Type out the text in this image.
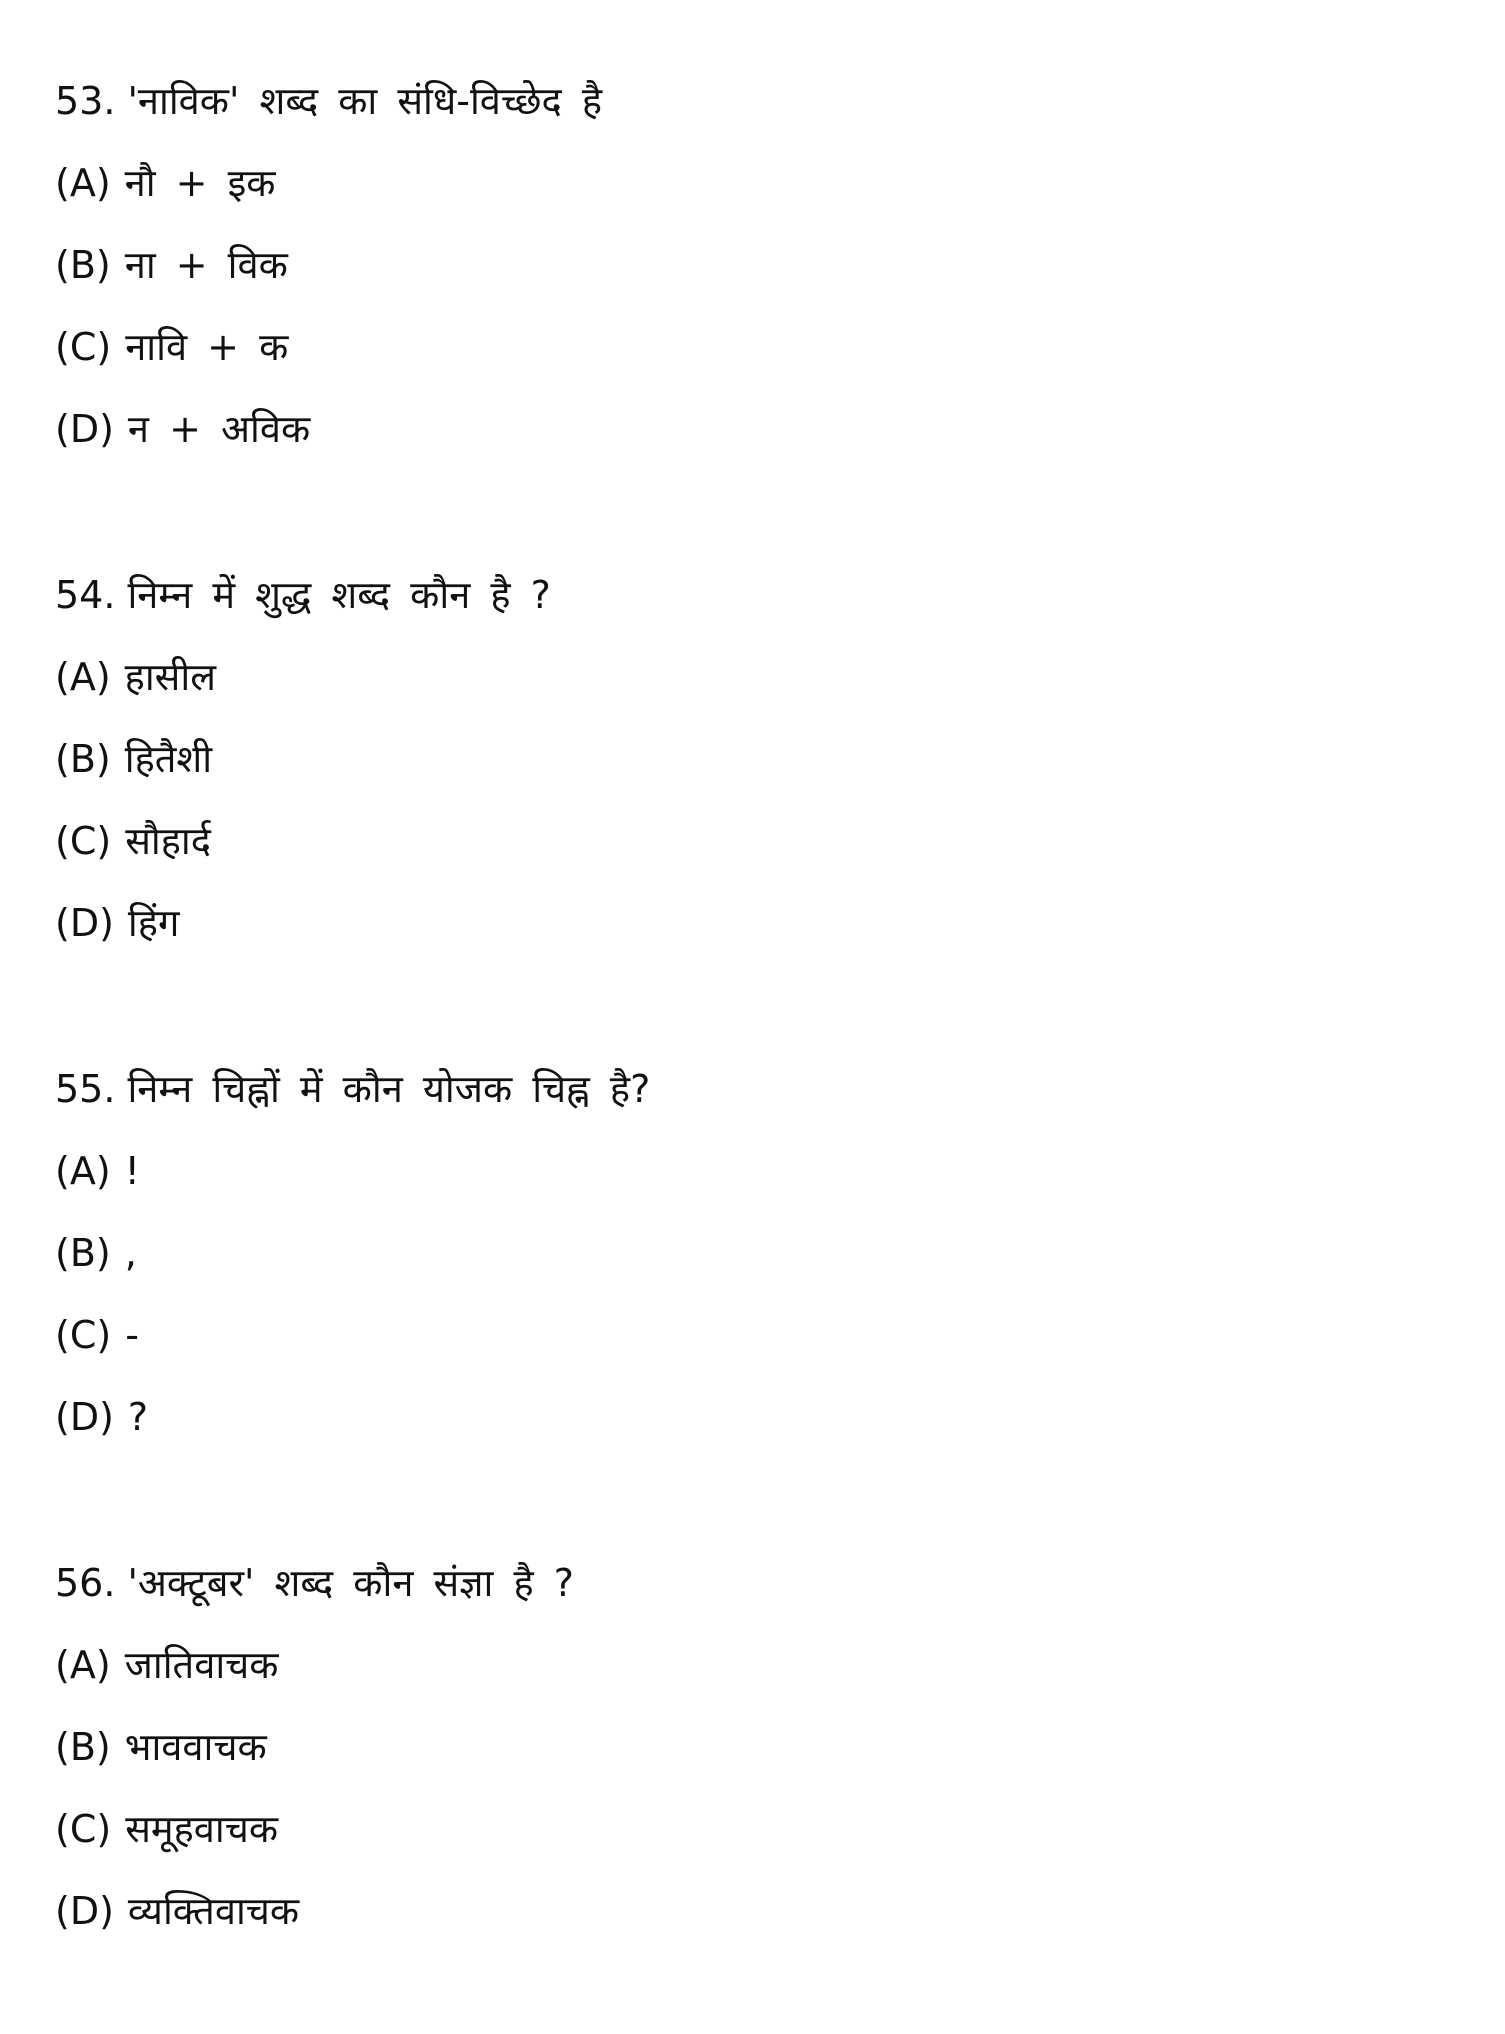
53. 'नाविक' शब्द का संधि-विच्छेद है
(A) नौ + इक
(B) ना + विक
(C) नावि + क
(D) न + अविक
54. निम्न में शुद्ध शब्द कौन है ?
(A) हासील
(B) हितैशी
(C) सौहार्द
(D) हिंग
55. निम्न चिह्नों में कौन योजक चिह्न है?
(A) !
(B) ,
(C) -
(D) ?
56. 'अक्टूबर' शब्द कौन संज्ञा है ?
(A) जातिवाचक
(B) भाववाचक
(C) समूहवाचक
(D) व्यक्तिवाचक
